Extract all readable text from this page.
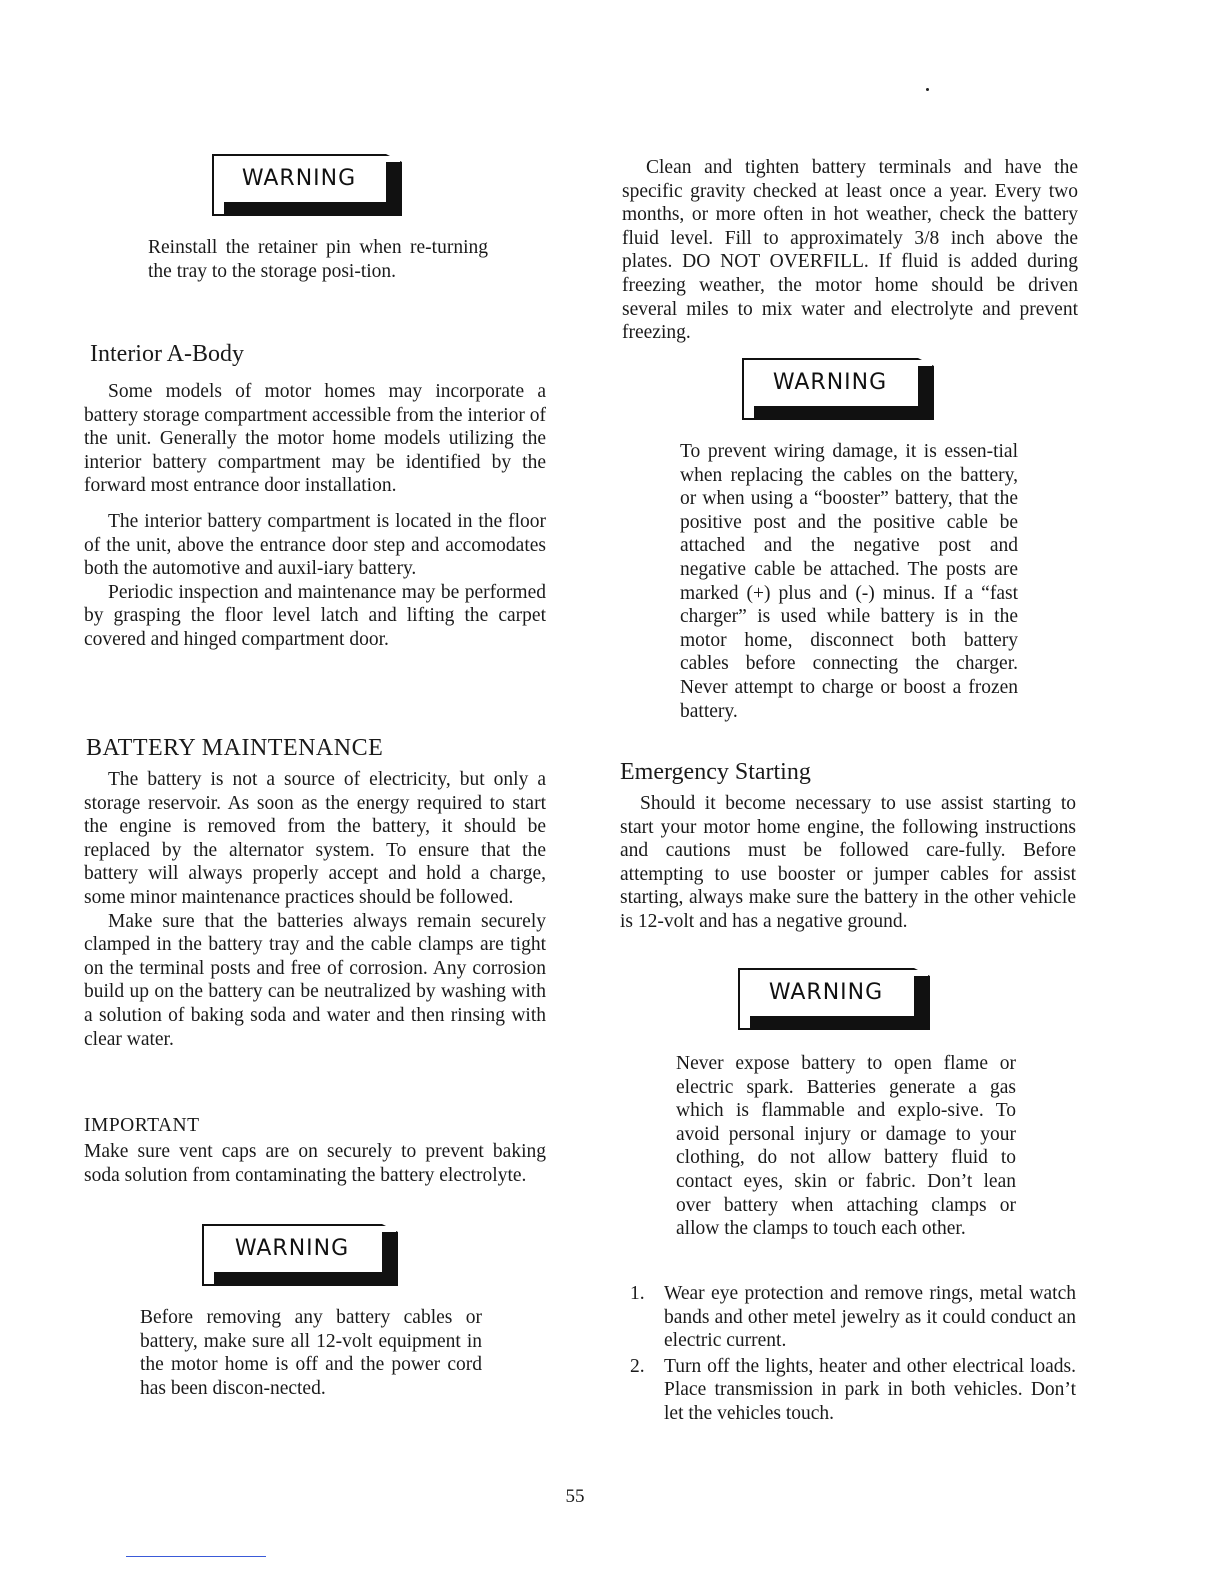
WARNING
Reinstall the retainer pin when re-turning the tray to the storage posi-tion.
Interior A-Body

Some models of motor homes may incorporate a battery storage compartment accessible from the interior of the unit. Generally the motor home models utilizing the interior battery compartment may be identified by the forward most entrance door installation.

The interior battery compartment is located in the floor of the unit, above the entrance door step and accomodates both the automotive and auxil-iary battery.

Periodic inspection and maintenance may be performed by grasping the floor level latch and lifting the carpet covered and hinged compartment door.

BATTERY MAINTENANCE

The battery is not a source of electricity, but only a storage reservoir. As soon as the energy required to start the engine is removed from the battery, it should be replaced by the alternator system. To ensure that the battery will always properly accept and hold a charge, some minor maintenance practices should be followed.

Make sure that the batteries always remain securely clamped in the battery tray and the cable clamps are tight on the terminal posts and free of corrosion. Any corrosion build up on the battery can be neutralized by washing with a solution of baking soda and water and then rinsing with clear water.

IMPORTANT

Make sure vent caps are on securely to prevent baking soda solution from contaminating the battery electrolyte.

WARNING
Before removing any battery cables or battery, make sure all 12-volt equipment in the motor home is off and the power cord has been discon-nected.

Clean and tighten battery terminals and have the specific gravity checked at least once a year. Every two months, or more often in hot weather, check the battery fluid level. Fill to approximately 3/8 inch above the plates. DO NOT OVERFILL. If fluid is added during freezing weather, the motor home should be driven several miles to mix water and electrolyte and prevent freezing.

WARNING
To prevent wiring damage, it is essen-tial when replacing the cables on the battery, or when using a “booster” battery, that the positive post and the positive cable be attached and the negative post and negative cable be attached. The posts are marked (+) plus and (-) minus. If a “fast charger” is used while battery is in the motor home, disconnect both battery cables before connecting the charger. Never attempt to charge or boost a frozen battery.
Emergency Starting

Should it become necessary to use assist starting to start your motor home engine, the following instructions and cautions must be followed care-fully. Before attempting to use booster or jumper cables for assist starting, always make sure the battery in the other vehicle is 12-volt and has a negative ground.

WARNING
Never expose battery to open flame or electric spark. Batteries generate a gas which is flammable and explo-sive. To avoid personal injury or damage to your clothing, do not allow battery fluid to contact eyes, skin or fabric. Don’t lean over battery when attaching clamps or allow the clamps to touch each other.
1. Wear eye protection and remove rings, metal watch bands and other metel jewelry as it could conduct an electric current.
2. Turn off the lights, heater and other electrical loads. Place transmission in park in both vehicles. Don’t let the vehicles touch.
55
